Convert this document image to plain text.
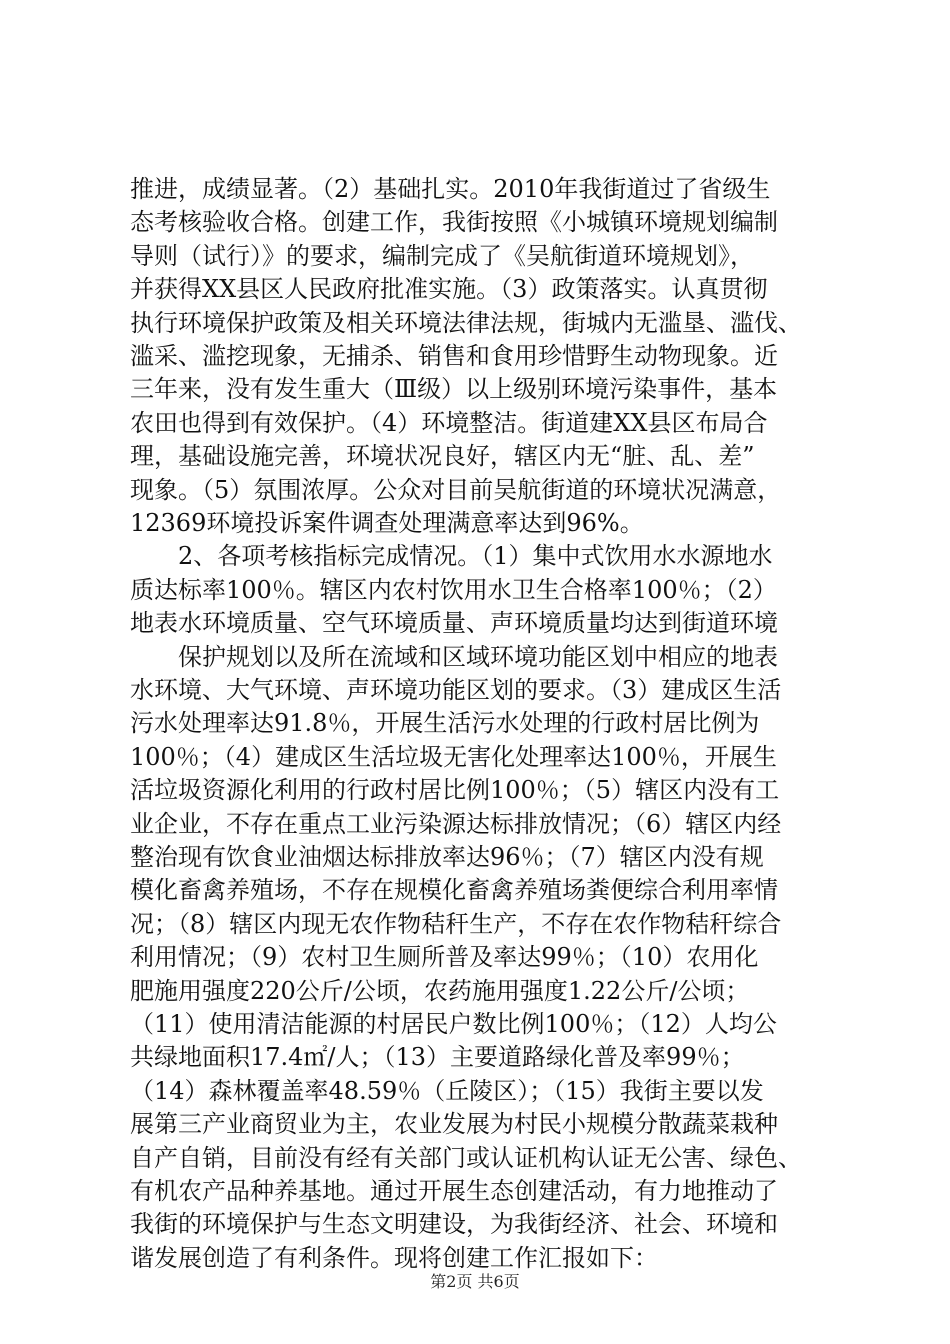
推进，成绩显著。（2）基础扎实。2010年我街道过了省级生
态考核验收合格。创建工作，我街按照《小城镇环境规划编制
导则（试行）》的要求，编制完成了《吴航街道环境规划》，
并获得XX县区人民政府批准实施。（3）政策落实。认真贯彻
执行环境保护政策及相关环境法律法规，街城内无滥垦、滥伐、
滥采、滥挖现象，无捕杀、销售和食用珍惜野生动物现象。近
三年来，没有发生重大（Ⅲ级）以上级别环境污染事件，基本
农田也得到有效保护。（4）环境整洁。街道建XX县区布局合
理，基础设施完善，环境状况良好，辖区内无“脏、乱、差”
现象。（5）氛围浓厚。公众对目前吴航街道的环境状况满意，
12369环境投诉案件调查处理满意率达到96%。
　　2、各项考核指标完成情况。（1）集中式饮用水水源地水
质达标率100％。辖区内农村饮用水卫生合格率100％；（2）
地表水环境质量、空气环境质量、声环境质量均达到街道环境
　　保护规划以及所在流域和区域环境功能区划中相应的地表
水环境、大气环境、声环境功能区划的要求。（3）建成区生活
污水处理率达91.8％，开展生活污水处理的行政村居比例为
100％；（4）建成区生活垃圾无害化处理率达100％，开展生
活垃圾资源化利用的行政村居比例100％；（5）辖区内没有工
业企业，不存在重点工业污染源达标排放情况；（6）辖区内经
整治现有饮食业油烟达标排放率达96％；（7）辖区内没有规
模化畜禽养殖场，不存在规模化畜禽养殖场粪便综合利用率情
况；（8）辖区内现无农作物秸秆生产，不存在农作物秸秆综合
利用情况；（9）农村卫生厕所普及率达99％；（10）农用化
肥施用强度220公斤/公顷，农药施用强度1.22公斤/公顷；
（11）使用清洁能源的村居民户数比例100％；（12）人均公
共绿地面积17.4㎡/人；（13）主要道路绿化普及率99％；
（14）森林覆盖率48.59％（丘陵区）；（15）我街主要以发
展第三产业商贸业为主，农业发展为村民小规模分散蔬菜栽种
自产自销，目前没有经有关部门或认证机构认证无公害、绿色、
有机农产品种养基地。通过开展生态创建活动，有力地推动了
我街的环境保护与生态文明建设，为我街经济、社会、环境和
谐发展创造了有利条件。现将创建工作汇报如下：
第2页 共6页
